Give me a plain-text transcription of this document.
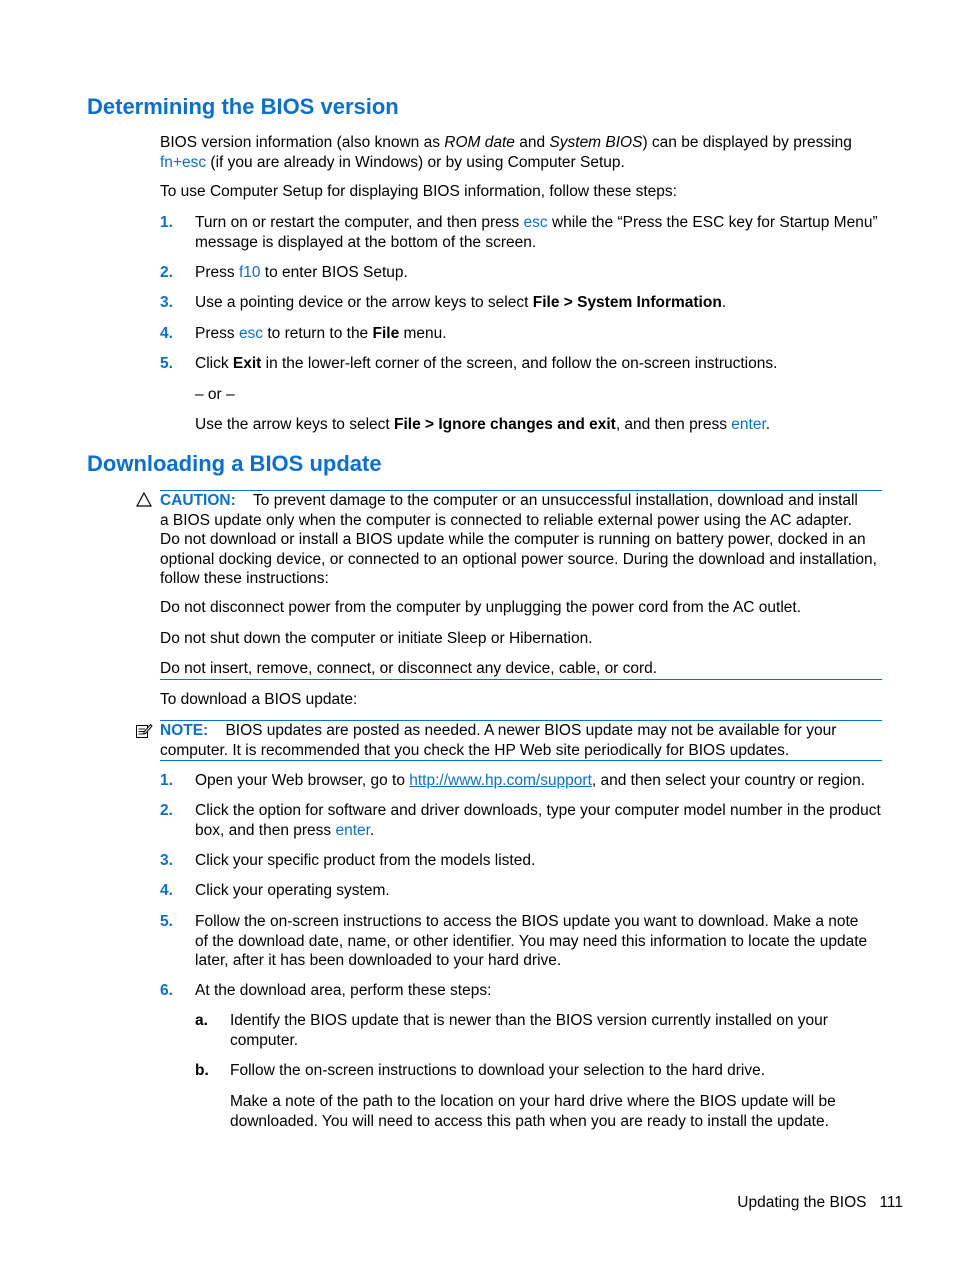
Determining the BIOS version
BIOS version information (also known as ROM date and System BIOS) can be displayed by pressing
fn+esc (if you are already in Windows) or by using Computer Setup.
To use Computer Setup for displaying BIOS information, follow these steps:
1.	Turn on or restart the computer, and then press esc while the “Press the ESC key for Startup Menu”
message is displayed at the bottom of the screen.
2.	Press f10 to enter BIOS Setup.
3.	Use a pointing device or the arrow keys to select File > System Information.
4.	Press esc to return to the File menu.
5.	Click Exit in the lower-left corner of the screen, and follow the on-screen instructions.
– or –
Use the arrow keys to select File > Ignore changes and exit, and then press enter.
Downloading a BIOS update
CAUTION: To prevent damage to the computer or an unsuccessful installation, download and install
a BIOS update only when the computer is connected to reliable external power using the AC adapter.
Do not download or install a BIOS update while the computer is running on battery power, docked in an
optional docking device, or connected to an optional power source. During the download and installation,
follow these instructions:
Do not disconnect power from the computer by unplugging the power cord from the AC outlet.
Do not shut down the computer or initiate Sleep or Hibernation.
Do not insert, remove, connect, or disconnect any device, cable, or cord.
To download a BIOS update:
NOTE: BIOS updates are posted as needed. A newer BIOS update may not be available for your
computer. It is recommended that you check the HP Web site periodically for BIOS updates.
1.	Open your Web browser, go to http://www.hp.com/support, and then select your country or region.
2.	Click the option for software and driver downloads, type your computer model number in the product
box, and then press enter.
3.	Click your specific product from the models listed.
4.	Click your operating system.
5.	Follow the on-screen instructions to access the BIOS update you want to download. Make a note
of the download date, name, or other identifier. You may need this information to locate the update
later, after it has been downloaded to your hard drive.
6.	At the download area, perform these steps:
a.	Identify the BIOS update that is newer than the BIOS version currently installed on your
computer.
b.	Follow the on-screen instructions to download your selection to the hard drive.
Make a note of the path to the location on your hard drive where the BIOS update will be
downloaded. You will need to access this path when you are ready to install the update.
Updating the BIOS 111
